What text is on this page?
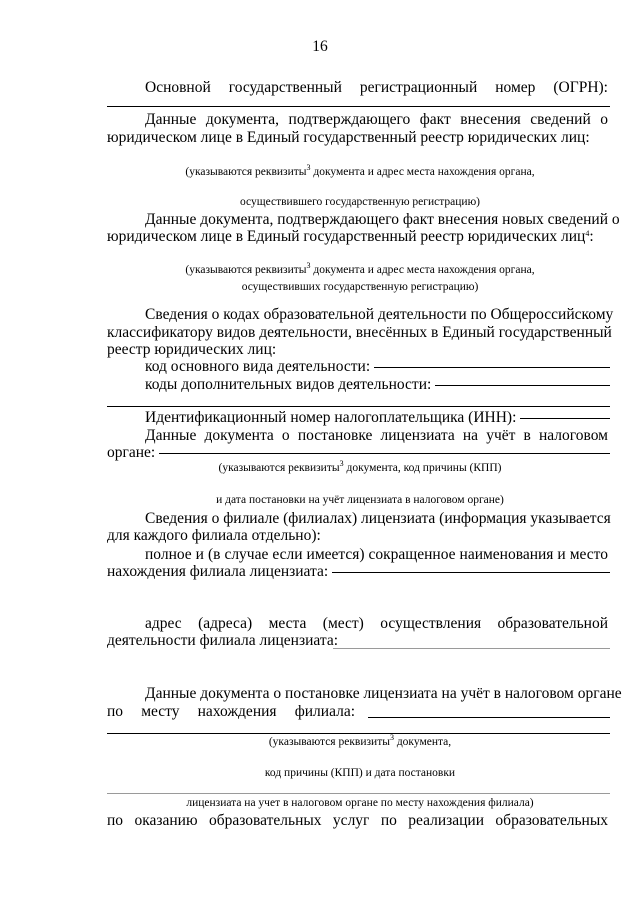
16
Основной государственный регистрационный номер (ОГРН):
Данные документа, подтверждающего факт внесения сведений о
юридическом лице в Единый государственный реестр юридических лиц:
(указываются реквизиты$^3$ документа и адрес места нахождения органа,
осуществившего государственную регистрацию)
Данные документа, подтверждающего факт внесения новых сведений о
юридическом лице в Единый государственный реестр юридических лиц$^4$:
(указываются реквизиты$^3$ документа и адрес места нахождения органа,
осуществивших государственную регистрацию)
Сведения о кодах образовательной деятельности по Общероссийскому
классификатору видов деятельности, внесённых в Единый государственный
реестр юридических лиц:
код основного вида деятельности:
коды дополнительных видов деятельности:
Идентификационный номер налогоплательщика (ИНН):
Данные документа о постановке лицензиата на учёт в налоговом
органе:
(указываются реквизиты$^3$ документа, код причины (КПП)
и дата постановки на учёт лицензиата в налоговом органе)
Сведения о филиале (филиалах) лицензиата (информация указывается
для каждого филиала отдельно):
полное и (в случае если имеется) сокращенное наименования и место
нахождения филиала лицензиата:
адрес (адреса) места (мест) осуществления образовательной
деятельности филиала лицензиата:
Данные документа о постановке лицензиата на учёт в налоговом органе
по месту нахождения филиала:
(указываются реквизиты$^3$ документа,
код причины (КПП) и дата постановки
лицензиата на учет в налоговом органе по месту нахождения филиала)
по оказанию образовательных услуг по реализации образовательных
